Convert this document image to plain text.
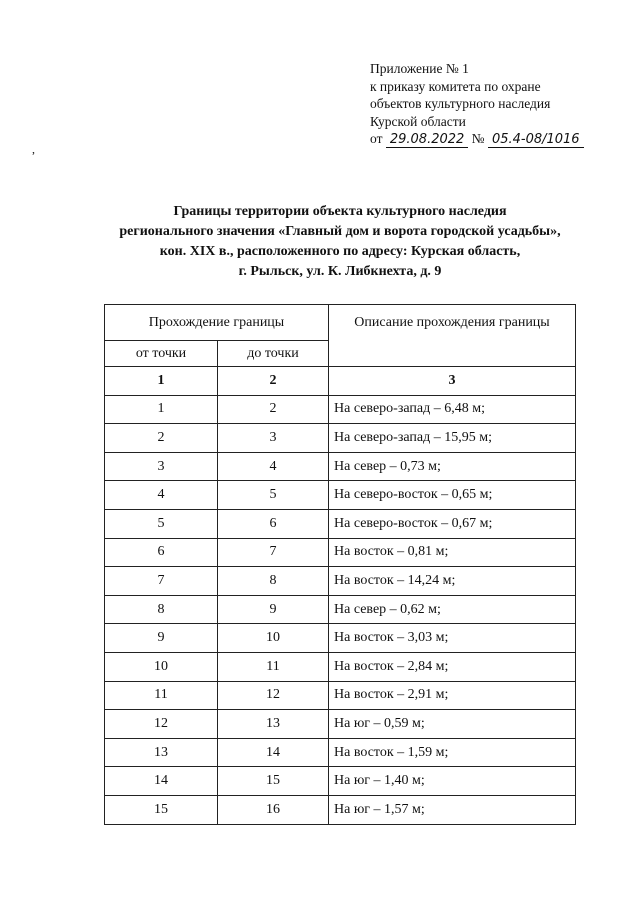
Приложение № 1
к приказу комитета по охране
объектов культурного наследия
Курской области
от 29.08.2022 № 05.4-08/1016
,
Границы территории объекта культурного наследия
регионального значения «Главный дом и ворота городской усадьбы»,
кон. XIX в., расположенного по адресу: Курская область,
г. Рыльск, ул. К. Либкнехта, д. 9
Прохождение границы		Описание прохождения границы
от точки	до точки	
1	2	3
1	2	На северо-запад – 6,48 м;
2	3	На северо-запад – 15,95 м;
3	4	На север – 0,73 м;
4	5	На северо-восток – 0,65 м;
5	6	На северо-восток – 0,67 м;
6	7	На восток – 0,81 м;
7	8	На восток – 14,24 м;
8	9	На север – 0,62 м;
9	10	На восток – 3,03 м;
10	11	На восток – 2,84 м;
11	12	На восток – 2,91 м;
12	13	На юг – 0,59 м;
13	14	На восток – 1,59 м;
14	15	На юг – 1,40 м;
15	16	На юг – 1,57 м;
